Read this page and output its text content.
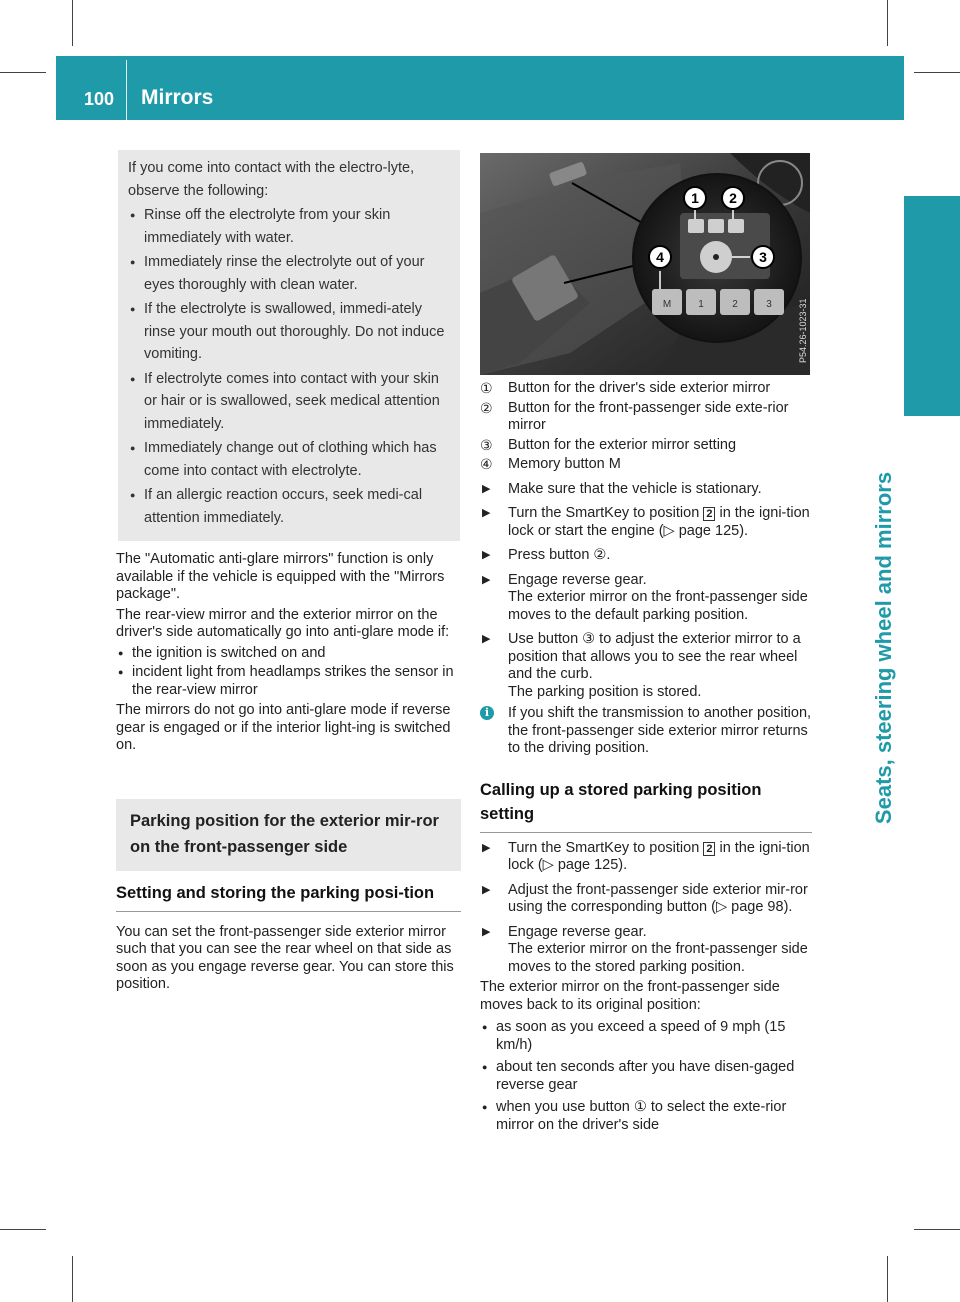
100 Mirrors
Seats, steering wheel and mirrors
If you come into contact with the electro-lyte, observe the following:
● Rinse off the electrolyte from your skin immediately with water.
● Immediately rinse the electrolyte out of your eyes thoroughly with clean water.
● If the electrolyte is swallowed, immedi-ately rinse your mouth out thoroughly. Do not induce vomiting.
● If electrolyte comes into contact with your skin or hair or is swallowed, seek medical attention immediately.
● Immediately change out of clothing which has come into contact with electrolyte.
● If an allergic reaction occurs, seek medi-cal attention immediately.

The "Automatic anti-glare mirrors" function is only available if the vehicle is equipped with the "Mirrors package".

The rear-view mirror and the exterior mirror on the driver's side automatically go into anti-glare mode if:

● the ignition is switched on and
● incident light from headlamps strikes the sensor in the rear-view mirror

The mirrors do not go into anti-glare mode if reverse gear is engaged or if the interior light-ing is switched on.

Parking position for the exterior mir-ror on the front-passenger side
Setting and storing the parking posi-tion

You can set the front-passenger side exterior mirror such that you can see the rear wheel on that side as soon as you engage reverse gear. You can store this position.

M	1	2	3
1 2
3
4
P54.26-1023-31
① Button for the driver's side exterior mirror
② Button for the front-passenger side exte-rior mirror
③ Button for the exterior mirror setting
④ Memory button M
▶ Make sure that the vehicle is stationary.
▶ Turn the SmartKey to position 2 in the igni-tion lock or start the engine (▷ page 125).
▶ Press button ②.
▶ Engage reverse gear.
The exterior mirror on the front-passenger side moves to the default parking position.
▶ Use button ③ to adjust the exterior mirror to a position that allows you to see the rear wheel and the curb.
The parking position is stored.
i	If you shift the transmission to another position, the front-passenger side exterior mirror returns to the driving position.
Calling up a stored parking position setting
▶ Turn the SmartKey to position 2 in the igni-tion lock (▷ page 125).
▶ Adjust the front-passenger side exterior mir-ror using the corresponding button (▷ page 98).
▶ Engage reverse gear.
The exterior mirror on the front-passenger side moves to the stored parking position.

The exterior mirror on the front-passenger side moves back to its original position:

● as soon as you exceed a speed of 9 mph (15 km/h)
● about ten seconds after you have disen-gaged reverse gear
● when you use button ① to select the exte-rior mirror on the driver's side
